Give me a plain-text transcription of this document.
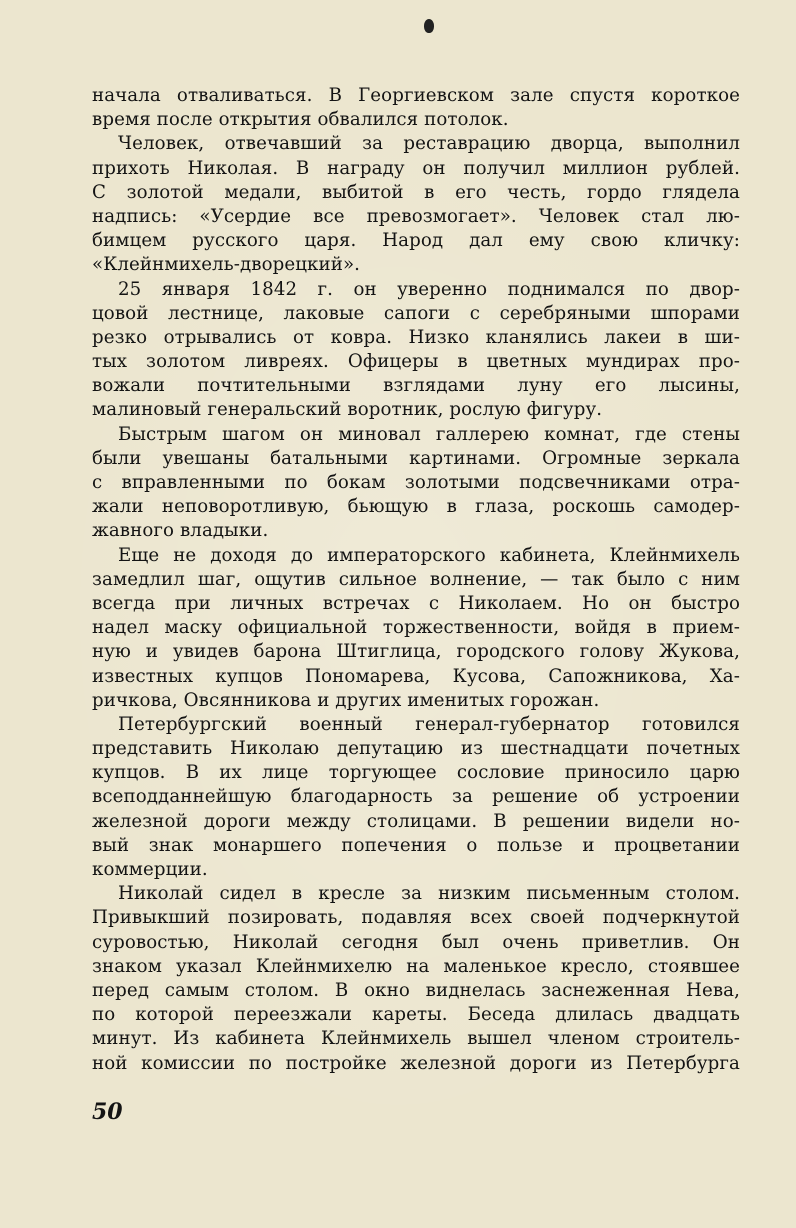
начала отваливаться. В Георгиевском зале спустя короткое
время после открытия обвалился потолок.
Человек, отвечавший за реставрацию дворца, выполнил
прихоть Николая. В награду он получил миллион рублей.
С золотой медали, выбитой в его честь, гордо глядела
надпись: «Усердие все превозмогает». Человек стал лю-
бимцем русского царя. Народ дал ему свою кличку:
«Клейнмихель-дворецкий».
25 января 1842 г. он уверенно поднимался по двор-
цовой лестнице, лаковые сапоги с серебряными шпорами
резко отрывались от ковра. Низко кланялись лакеи в ши-
тых золотом ливреях. Офицеры в цветных мундирах про-
вожали почтительными взглядами луну его лысины,
малиновый генеральский воротник, рослую фигуру.
Быстрым шагом он миновал галлерею комнат, где стены
были увешаны батальными картинами. Огромные зеркала
с вправленными по бокам золотыми подсвечниками отра-
жали неповоротливую, бьющую в глаза, роскошь самодер-
жавного владыки.
Еще не доходя до императорского кабинета, Клейнмихель
замедлил шаг, ощутив сильное волнение, — так было с ним
всегда при личных встречах с Николаем. Но он быстро
надел маску официальной торжественности, войдя в прием-
ную и увидев барона Штиглица, городского голову Жукова,
известных купцов Пономарева, Кусова, Сапожникова, Ха-
ричкова, Овсянникова и других именитых горожан.
Петербургский военный генерал-губернатор готовился
представить Николаю депутацию из шестнадцати почетных
купцов. В их лице торгующее сословие приносило царю
всеподданнейшую благодарность за решение об устроении
железной дороги между столицами. В решении видели но-
вый знак монаршего попечения о пользе и процветании
коммерции.
Николай сидел в кресле за низким письменным столом.
Привыкший позировать, подавляя всех своей подчеркнутой
суровостью, Николай сегодня был очень приветлив. Он
знаком указал Клейнмихелю на маленькое кресло, стоявшее
перед самым столом. В окно виднелась заснеженная Нева,
по которой переезжали кареты. Беседа длилась двадцать
минут. Из кабинета Клейнмихель вышел членом строитель-
ной комиссии по постройке железной дороги из Петербурга
50
